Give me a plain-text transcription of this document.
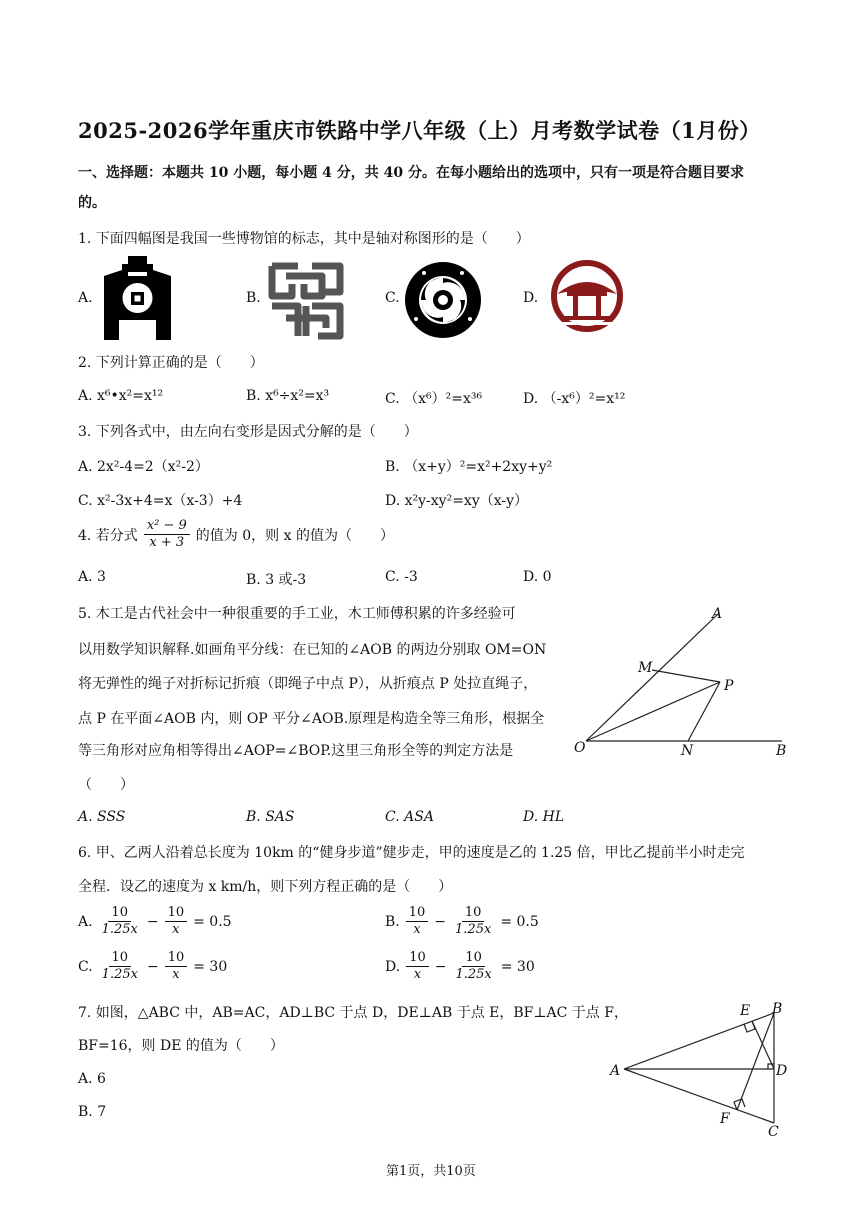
2025-2026学年重庆市铁路中学八年级（上）月考数学试卷（1月份）
一、选择题：本题共 10 小题，每小题 4 分，共 40 分。在每小题给出的选项中，只有一项是符合题目要求
的。
1. 下面四幅图是我国一些博物馆的标志，其中是轴对称图形的是（　　）
A.	B.	C.	D.
2. 下列计算正确的是（　　）
A. x⁶•x²=x¹²	B. x⁶÷x²=x³	C. （x⁶）²=x³⁶	D. （-x⁶）²=x¹²
3. 下列各式中，由左向右变形是因式分解的是（　　）
A. 2x²-4=2（x²-2）	B. （x+y）²=x²+2xy+y²
C. x²-3x+4=x（x-3）+4	D. x²y-xy²=xy（x-y）
4. 若分式 $\frac{\text{x² − 9}}{x + 3}$ 的值为 0，则 x 的值为（　　）
A. 3	B. 3 或-3	C. -3	D. 0
5. 木工是古代社会中一种很重要的手工业，木工师傅积累的许多经验可
以用数学知识解释.如画角平分线：在已知的∠AOB 的两边分别取 OM=ON
将无弹性的绳子对折标记折痕（即绳子中点 P），从折痕点 P 处拉直绳子，
点 P 在平面∠AOB 内，则 OP 平分∠AOB.原理是构造全等三角形，根据全
等三角形对应角相等得出∠AOP=∠BOP.这里三角形全等的判定方法是
（　　）
A. SSS	B. SAS	C. ASA	D. HL
A
M
P
O	N	B
6. 甲、乙两人沿着总长度为 10km 的“健身步道”健步走，甲的速度是乙的 1.25 倍，甲比乙提前半小时走完
全程．设乙的速度为 x km/h，则下列方程正确的是（　　）
A. $\frac{10}{1.25x} - \frac{10}{x} = 0.5$	B. $\frac{10}{x} - \frac{10}{1.25x} = 0.5$
C. $\frac{10}{1.25x} - \frac{10}{x} = 30$	D. $\frac{10}{x} - \frac{10}{1.25x} = 30$
7. 如图，△ABC 中，AB=AC，AD⊥BC 于点 D，DE⊥AB 于点 E，BF⊥AC 于点 F，
BF=16，则 DE 的值为（　　）
A. 6
B. 7
A
B
C
D
E
F
第1页，共10页
